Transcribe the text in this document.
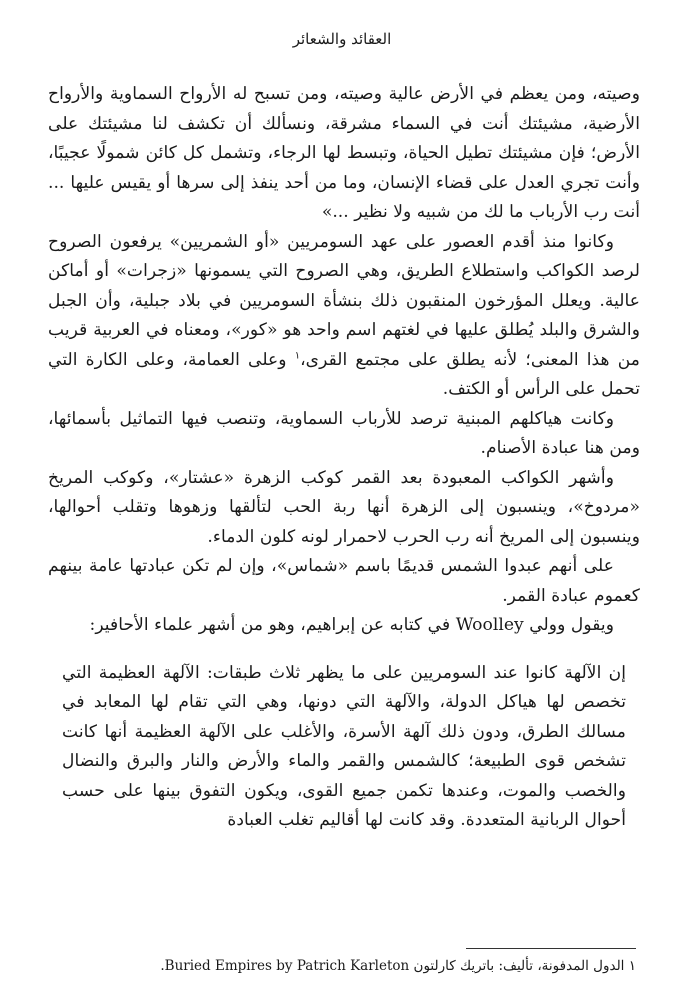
العقائد والشعائر

وصيته، ومن يعظم في الأرض عالية وصيته، ومن تسبح له الأرواح السماوية والأرواح الأرضية، مشيئتك أنت في السماء مشرقة، ونسألك أن تكشف لنا مشيئتك على الأرض؛ فإن مشيئتك تطيل الحياة، وتبسط لها الرجاء، وتشمل كل كائن شمولًا عجيبًا، وأنت تجري العدل على قضاء الإنسان، وما من أحد ينفذ إلى سرها أو يقيس عليها ... أنت رب الأرباب ما لك من شبيه ولا نظير ...»

وكانوا منذ أقدم العصور على عهد السومريين «أو الشمريين» يرفعون الصروح لرصد الكواكب واستطلاع الطريق، وهي الصروح التي يسمونها «زجرات» أو أماكن عالية. ويعلل المؤرخون المنقبون ذلك بنشأة السومريين في بلاد جبلية، وأن الجبل والشرق والبلد يُطلق عليها في لغتهم اسم واحد هو «كور»، ومعناه في العربية قريب من هذا المعنى؛ لأنه يطلق على مجتمع القرى،$^١$ وعلى العمامة، وعلى الكارة التي تحمل على الرأس أو الكتف.

وكانت هياكلهم المبنية ترصد للأرباب السماوية، وتنصب فيها التماثيل بأسمائها، ومن هنا عبادة الأصنام.

وأشهر الكواكب المعبودة بعد القمر كوكب الزهرة «عشتار»، وكوكب المريخ «مردوخ»، وينسبون إلى الزهرة أنها ربة الحب لتألقها وزهوها وتقلب أحوالها، وينسبون إلى المريخ أنه رب الحرب لاحمرار لونه كلون الدماء.

على أنهم عبدوا الشمس قديمًا باسم «شماس»، وإن لم تكن عبادتها عامة بينهم كعموم عبادة القمر.

ويقول وولي Woolley في كتابه عن إبراهيم، وهو من أشهر علماء الأحافير:

إن الآلهة كانوا عند السومريين على ما يظهر ثلاث طبقات: الآلهة العظيمة التي تخصص لها هياكل الدولة، والآلهة التي دونها، وهي التي تقام لها المعابد في مسالك الطرق، ودون ذلك آلهة الأسرة، والأغلب على الآلهة العظيمة أنها كانت تشخص قوى الطبيعة؛ كالشمس والقمر والماء والأرض والنار والبرق والنضال والخصب والموت، وعندها تكمن جميع القوى، ويكون التفوق بينها على حسب أحوال الربانية المتعددة. وقد كانت لها أقاليم تغلب العبادة

١ الدول المدفونة، تأليف: باتريك كارلتون Buried Empires by Patrich Karleton.
